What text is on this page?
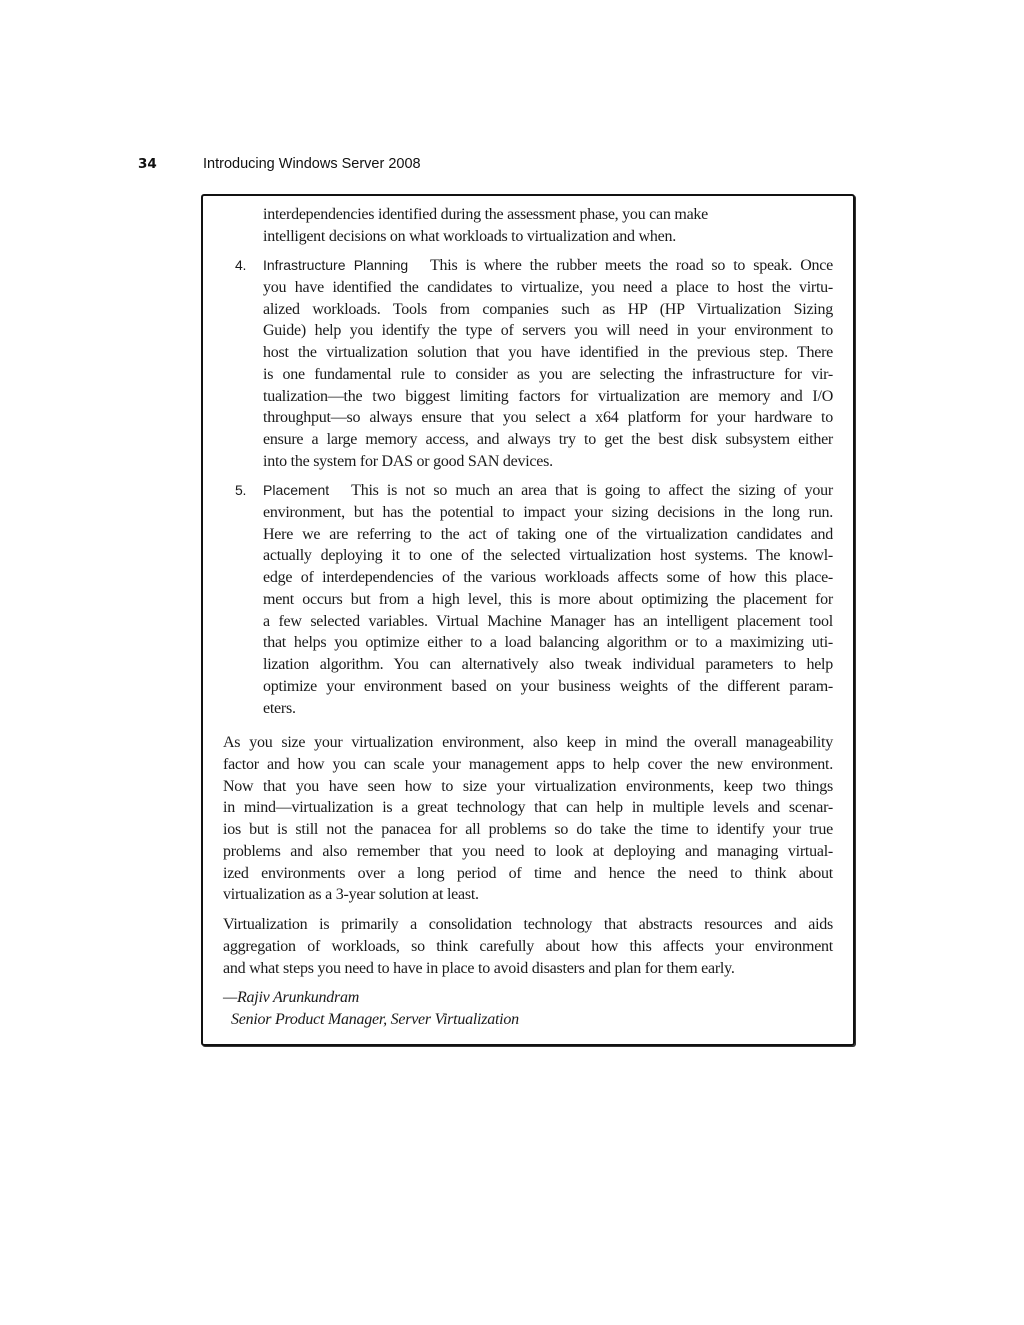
34	Introducing Windows Server 2008
interdependencies identified during the assessment phase, you can make
intelligent decisions on what workloads to virtualization and when.
4. Infrastructure Planning This is where the rubber meets the road so to speak. Once
you have identified the candidates to virtualize, you need a place to host the virtu-
alized workloads. Tools from companies such as HP (HP Virtualization Sizing
Guide) help you identify the type of servers you will need in your environment to
host the virtualization solution that you have identified in the previous step. There
is one fundamental rule to consider as you are selecting the infrastructure for vir-
tualization—the two biggest limiting factors for virtualization are memory and I/O
throughput—so always ensure that you select a x64 platform for your hardware to
ensure a large memory access, and always try to get the best disk subsystem either
into the system for DAS or good SAN devices.
5. Placement This is not so much an area that is going to affect the sizing of your
environment, but has the potential to impact your sizing decisions in the long run.
Here we are referring to the act of taking one of the virtualization candidates and
actually deploying it to one of the selected virtualization host systems. The knowl-
edge of interdependencies of the various workloads affects some of how this place-
ment occurs but from a high level, this is more about optimizing the placement for
a few selected variables. Virtual Machine Manager has an intelligent placement tool
that helps you optimize either to a load balancing algorithm or to a maximizing uti-
lization algorithm. You can alternatively also tweak individual parameters to help
optimize your environment based on your business weights of the different param-
eters.
As you size your virtualization environment, also keep in mind the overall manageability
factor and how you can scale your management apps to help cover the new environment.
Now that you have seen how to size your virtualization environments, keep two things
in mind—virtualization is a great technology that can help in multiple levels and scenar-
ios but is still not the panacea for all problems so do take the time to identify your true
problems and also remember that you need to look at deploying and managing virtual-
ized environments over a long period of time and hence the need to think about
virtualization as a 3-year solution at least.
Virtualization is primarily a consolidation technology that abstracts resources and aids
aggregation of workloads, so think carefully about how this affects your environment
and what steps you need to have in place to avoid disasters and plan for them early.
—Rajiv Arunkundram
Senior Product Manager, Server Virtualization
